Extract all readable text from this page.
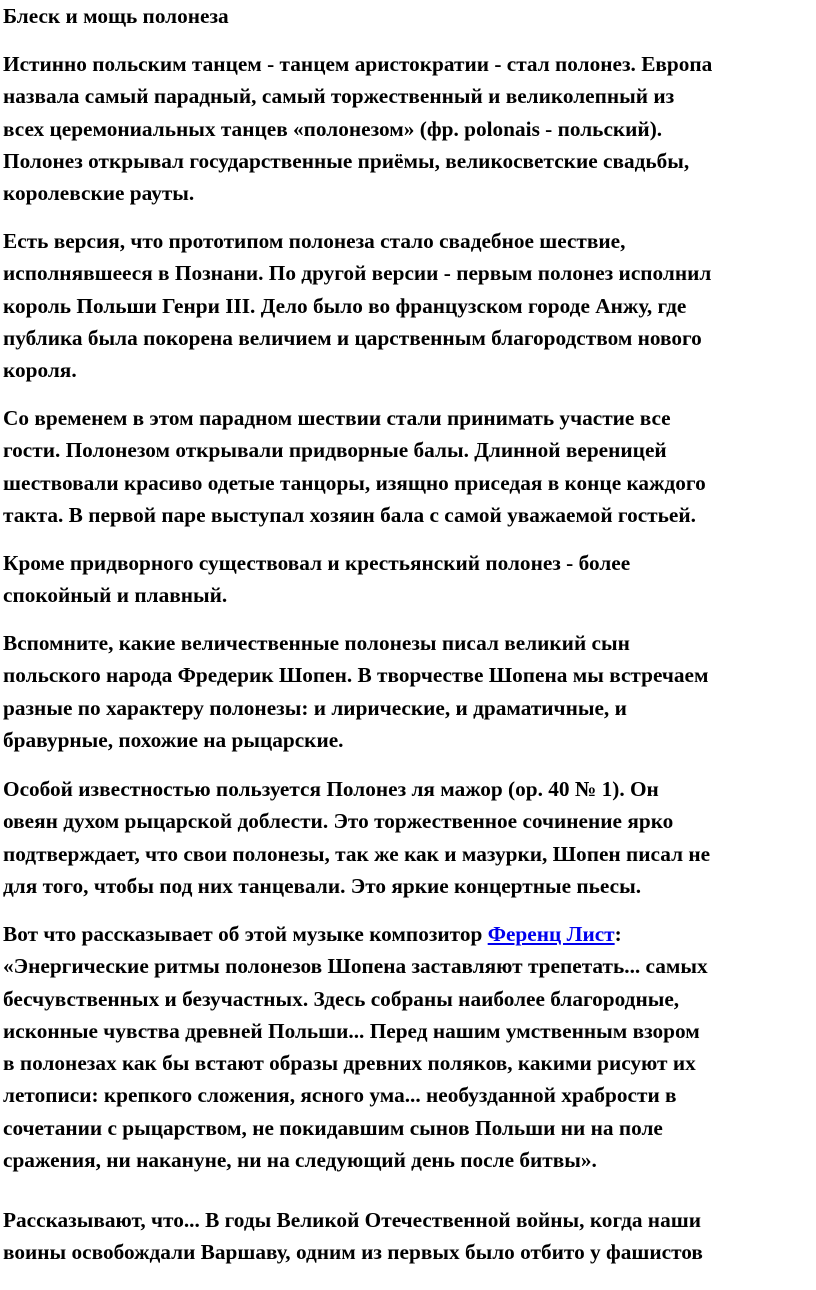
Блеск и мощь полонеза

Истинно польским танцем - танцем аристократии - стал полонез. Европа
назвала самый парадный, самый торжественный и великолепный из
всех церемониальных танцев «полонезом» (фр. polonais - польский).
Полонез открывал государственные приёмы, великосветские свадьбы,
королевские рауты.

Есть версия, что прототипом полонеза стало свадебное шествие,
исполнявшееся в Познани. По другой версии - первым полонез исполнил
король Польши Генри III. Дело было во французском городе Анжу, где
публика была покорена величием и царственным благородством нового
короля.

Со временем в этом парадном шествии стали принимать участие все
гости. Полонезом открывали придворные балы. Длинной вереницей
шествовали красиво одетые танцоры, изящно приседая в конце каждого
такта. В первой паре выступал хозяин бала с самой уважаемой гостьей.

Кроме придворного существовал и крестьянский полонез - более
спокойный и плавный.

Вспомните, какие величественные полонезы писал великий сын
польского народа Фредерик Шопен. В творчестве Шопена мы встречаем
разные по характеру полонезы: и лирические, и драматичные, и
бравурные, похожие на рыцарские.

Особой известностью пользуется Полонез ля мажор (ор. 40 № 1). Он
овеян духом рыцарской доблести. Это торжественное сочинение ярко
подтверждает, что свои полонезы, так же как и мазурки, Шопен писал не
для того, чтобы под них танцевали. Это яркие концертные пьесы.

Вот что рассказывает об этой музыке композитор Ференц Лист:
«Энергические ритмы полонезов Шопена заставляют трепетать... самых
бесчувственных и безучастных. Здесь собраны наиболее благородные,
исконные чувства древней Польши... Перед нашим умственным взором
в полонезах как бы встают образы древних поляков, какими рисуют их
летописи: крепкого сложения, ясного ума... необузданной храбрости в
сочетании с рыцарством, не покидавшим сынов Польши ни на поле
сражения, ни накануне, ни на следующий день после битвы».

Рассказывают, что... В годы Великой Отечественной войны, когда наши
воины освобождали Варшаву, одним из первых было отбито у фашистов
